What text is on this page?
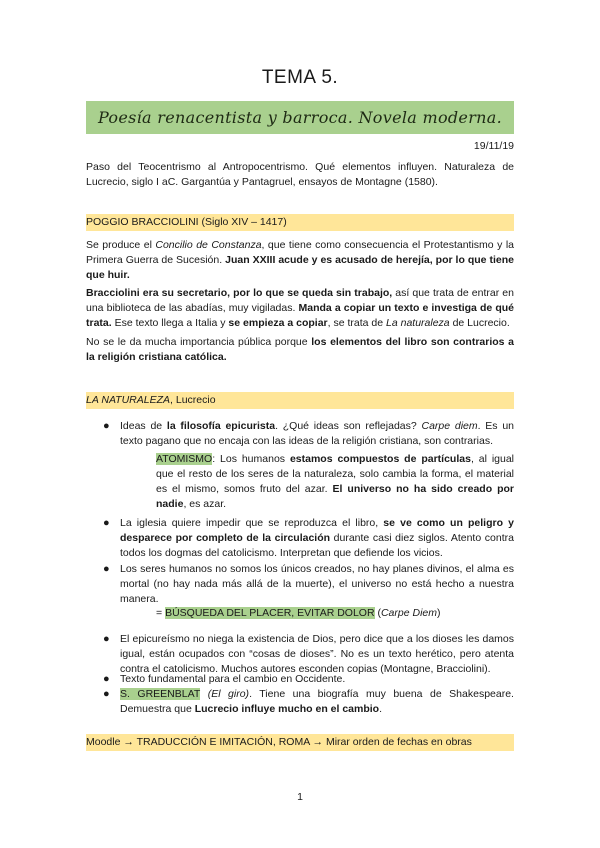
TEMA 5.
Poesía renacentista y barroca. Novela moderna.
19/11/19

Paso del Teocentrismo al Antropocentrismo. Qué elementos influyen. Naturaleza de Lucrecio, siglo I aC. Gargantúa y Pantagruel, ensayos de Montagne (1580).

POGGIO BRACCIOLINI (Siglo XIV – 1417)

Se produce el Concilio de Constanza, que tiene como consecuencia el Protestantismo y la Primera Guerra de Sucesión. Juan XXIII acude y es acusado de herejía, por lo que tiene que huir.

Bracciolini era su secretario, por lo que se queda sin trabajo, así que trata de entrar en una biblioteca de las abadías, muy vigiladas. Manda a copiar un texto e investiga de qué trata. Ese texto llega a Italia y se empieza a copiar, se trata de La naturaleza de Lucrecio.

No se le da mucha importancia pública porque los elementos del libro son contrarios a la religión cristiana católica.

LA NATURALEZA, Lucrecio
● Ideas de la filosofía epicurista. ¿Qué ideas son reflejadas? Carpe diem. Es un texto pagano que no encaja con las ideas de la religión cristiana, son contrarias.

ATOMISMO: Los humanos estamos compuestos de partículas, al igual que el resto de los seres de la naturaleza, solo cambia la forma, el material es el mismo, somos fruto del azar. El universo no ha sido creado por nadie, es azar.

● La iglesia quiere impedir que se reproduzca el libro, se ve como un peligro y desparece por completo de la circulación durante casi diez siglos. Atento contra todos los dogmas del catolicismo. Interpretan que defiende los vicios.

● Los seres humanos no somos los únicos creados, no hay planes divinos, el alma es mortal (no hay nada más allá de la muerte), el universo no está hecho a nuestra manera.

= BÚSQUEDA DEL PLACER, EVITAR DOLOR (Carpe Diem)

● El epicureísmo no niega la existencia de Dios, pero dice que a los dioses les damos igual, están ocupados con “cosas de dioses”. No es un texto herético, pero atenta contra el catolicismo. Muchos autores esconden copias (Montagne, Bracciolini).

● Texto fundamental para el cambio en Occidente.

● S. GREENBLAT (El giro). Tiene una biografía muy buena de Shakespeare. Demuestra que Lucrecio influye mucho en el cambio.

Moodle → TRADUCCIÓN E IMITACIÓN, ROMA → Mirar orden de fechas en obras
1
